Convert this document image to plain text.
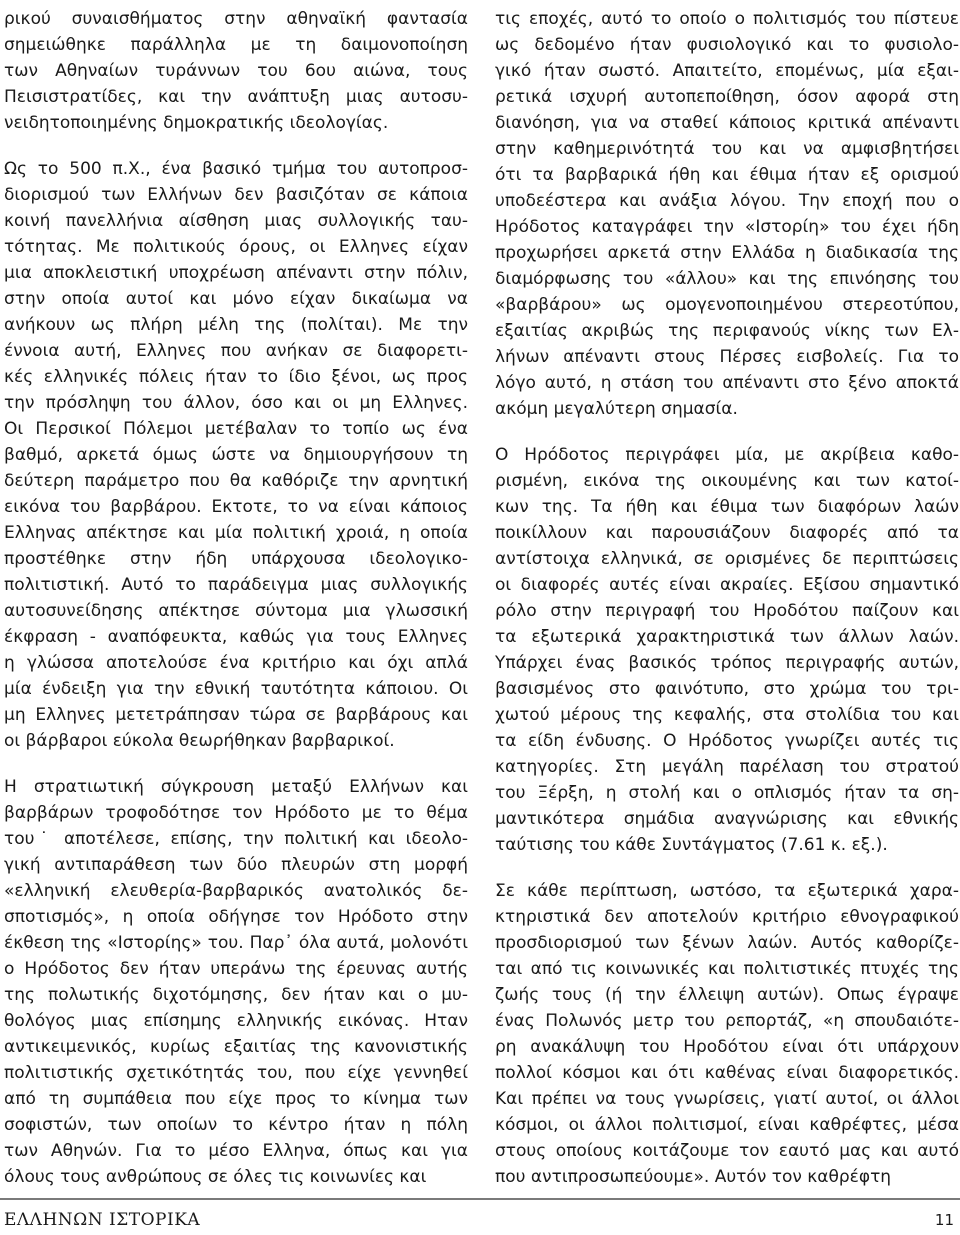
ρικού συναισθήματος στην αθηναϊκή φαντασία
σημειώθηκε παράλληλα με τη δαιμονοποίηση
των Αθηναίων τυράννων του 6ου αιώνα, τους
Πεισιστρατίδες, και την ανάπτυξη μιας αυτοσυ-
νειδητοποιημένης δημοκρατικής ιδεολογίας.
Ως το 500 π.Χ., ένα βασικό τμήμα του αυτοπροσ-
διορισμού των Ελλήνων δεν βασιζόταν σε κάποια
κοινή πανελλήνια αίσθηση μιας συλλογικής ταυ-
τότητας. Με πολιτικούς όρους, οι Ελληνες είχαν
μια αποκλειστική υποχρέωση απέναντι στην πόλιν,
στην οποία αυτοί και μόνο είχαν δικαίωμα να
ανήκουν ως πλήρη μέλη της (πολίται). Με την
έννοια αυτή, Ελληνες που ανήκαν σε διαφορετι-
κές ελληνικές πόλεις ήταν το ίδιο ξένοι, ως προς
την πρόσληψη του άλλον, όσο και οι μη Ελληνες.
Οι Περσικοί Πόλεμοι μετέβαλαν το τοπίο ως ένα
βαθμό, αρκετά όμως ώστε να δημιουργήσουν τη
δεύτερη παράμετρο που θα καθόριζε την αρνητική
εικόνα του βαρβάρου. Εκτοτε, το να είναι κάποιος
Ελληνας απέκτησε και μία πολιτική χροιά, η οποία
προστέθηκε στην ήδη υπάρχουσα ιδεολογικο-
πολιτιστική. Αυτό το παράδειγμα μιας συλλογικής
αυτοσυνείδησης απέκτησε σύντομα μια γλωσσική
έκφραση - αναπόφευκτα, καθώς για τους Ελληνες
η γλώσσα αποτελούσε ένα κριτήριο και όχι απλά
μία ένδειξη για την εθνική ταυτότητα κάποιου. Οι
μη Ελληνες μετετράπησαν τώρα σε βαρβάρους και
οι βάρβαροι εύκολα θεωρήθηκαν βαρβαρικοί.
Η στρατιωτική σύγκρουση μεταξύ Ελλήνων και
βαρβάρων τροφοδότησε τον Ηρόδοτο με το θέμα
του˙ αποτέλεσε, επίσης, την πολιτική και ιδεολο-
γική αντιπαράθεση των δύο πλευρών στη μορφή
«ελληνική ελευθερία-βαρβαρικός ανατολικός δε-
σποτισμός», η οποία οδήγησε τον Ηρόδοτο στην
έκθεση της «Ιστορίης» του. Παρ᾽ όλα αυτά, μολονότι
ο Ηρόδοτος δεν ήταν υπεράνω της έρευνας αυτής
της πολωτικής διχοτόμησης, δεν ήταν και ο μυ-
θολόγος μιας επίσημης ελληνικής εικόνας. Ηταν
αντικειμενικός, κυρίως εξαιτίας της κανονιστικής
πολιτιστικής σχετικότητάς του, που είχε γεννηθεί
από τη συμπάθεια που είχε προς το κίνημα των
σοφιστών, των οποίων το κέντρο ήταν η πόλη
των Αθηνών. Για το μέσο Ελληνα, όπως και για
όλους τους ανθρώπους σε όλες τις κοινωνίες και
τις εποχές, αυτό το οποίο ο πολιτισμός του πίστευε
ως δεδομένο ήταν φυσιολογικό και το φυσιολο-
γικό ήταν σωστό. Απαιτείτο, επομένως, μία εξαι-
ρετικά ισχυρή αυτοπεποίθηση, όσον αφορά στη
διανόηση, για να σταθεί κάποιος κριτικά απέναντι
στην καθημερινότητά του και να αμφισβητήσει
ότι τα βαρβαρικά ήθη και έθιμα ήταν εξ ορισμού
υποδεέστερα και ανάξια λόγου. Την εποχή που ο
Ηρόδοτος καταγράφει την «Ιστορίη» του έχει ήδη
προχωρήσει αρκετά στην Ελλάδα η διαδικασία της
διαμόρφωσης του «άλλου» και της επινόησης του
«βαρβάρου» ως ομογενοποιημένου στερεοτύπου,
εξαιτίας ακριβώς της περιφανούς νίκης των Ελ-
λήνων απέναντι στους Πέρσες εισβολείς. Για το
λόγο αυτό, η στάση του απέναντι στο ξένο αποκτά
ακόμη μεγαλύτερη σημασία.
Ο Ηρόδοτος περιγράφει μία, με ακρίβεια καθο-
ρισμένη, εικόνα της οικουμένης και των κατοί-
κων της. Τα ήθη και έθιμα των διαφόρων λαών
ποικίλλουν και παρουσιάζουν διαφορές από τα
αντίστοιχα ελληνικά, σε ορισμένες δε περιπτώσεις
οι διαφορές αυτές είναι ακραίες. Εξίσου σημαντικό
ρόλο στην περιγραφή του Ηροδότου παίζουν και
τα εξωτερικά χαρακτηριστικά των άλλων λαών.
Υπάρχει ένας βασικός τρόπος περιγραφής αυτών,
βασισμένος στο φαινότυπο, στο χρώμα του τρι-
χωτού μέρους της κεφαλής, στα στολίδια του και
τα είδη ένδυσης. Ο Ηρόδοτος γνωρίζει αυτές τις
κατηγορίες. Στη μεγάλη παρέλαση του στρατού
του Ξέρξη, η στολή και ο οπλισμός ήταν τα ση-
μαντικότερα σημάδια αναγνώρισης και εθνικής
ταύτισης του κάθε Συντάγματος (7.61 κ. εξ.).
Σε κάθε περίπτωση, ωστόσο, τα εξωτερικά χαρα-
κτηριστικά δεν αποτελούν κριτήριο εθνογραφικού
προσδιορισμού των ξένων λαών. Αυτός καθορίζε-
ται από τις κοινωνικές και πολιτιστικές πτυχές της
ζωής τους (ή την έλλειψη αυτών). Οπως έγραψε
ένας Πολωνός μετρ του ρεπορτάζ, «η σπουδαιότε-
ρη ανακάλυψη του Ηροδότου είναι ότι υπάρχουν
πολλοί κόσμοι και ότι καθένας είναι διαφορετικός.
Και πρέπει να τους γνωρίσεις, γιατί αυτοί, οι άλλοι
κόσμοι, οι άλλοι πολιτισμοί, είναι καθρέφτες, μέσα
στους οποίους κοιτάζουμε τον εαυτό μας και αυτό
που αντιπροσωπεύουμε». Αυτόν τον καθρέφτη
ΕΛΛΗΝΩΝ ΙΣΤΟΡΙΚΑ	11
